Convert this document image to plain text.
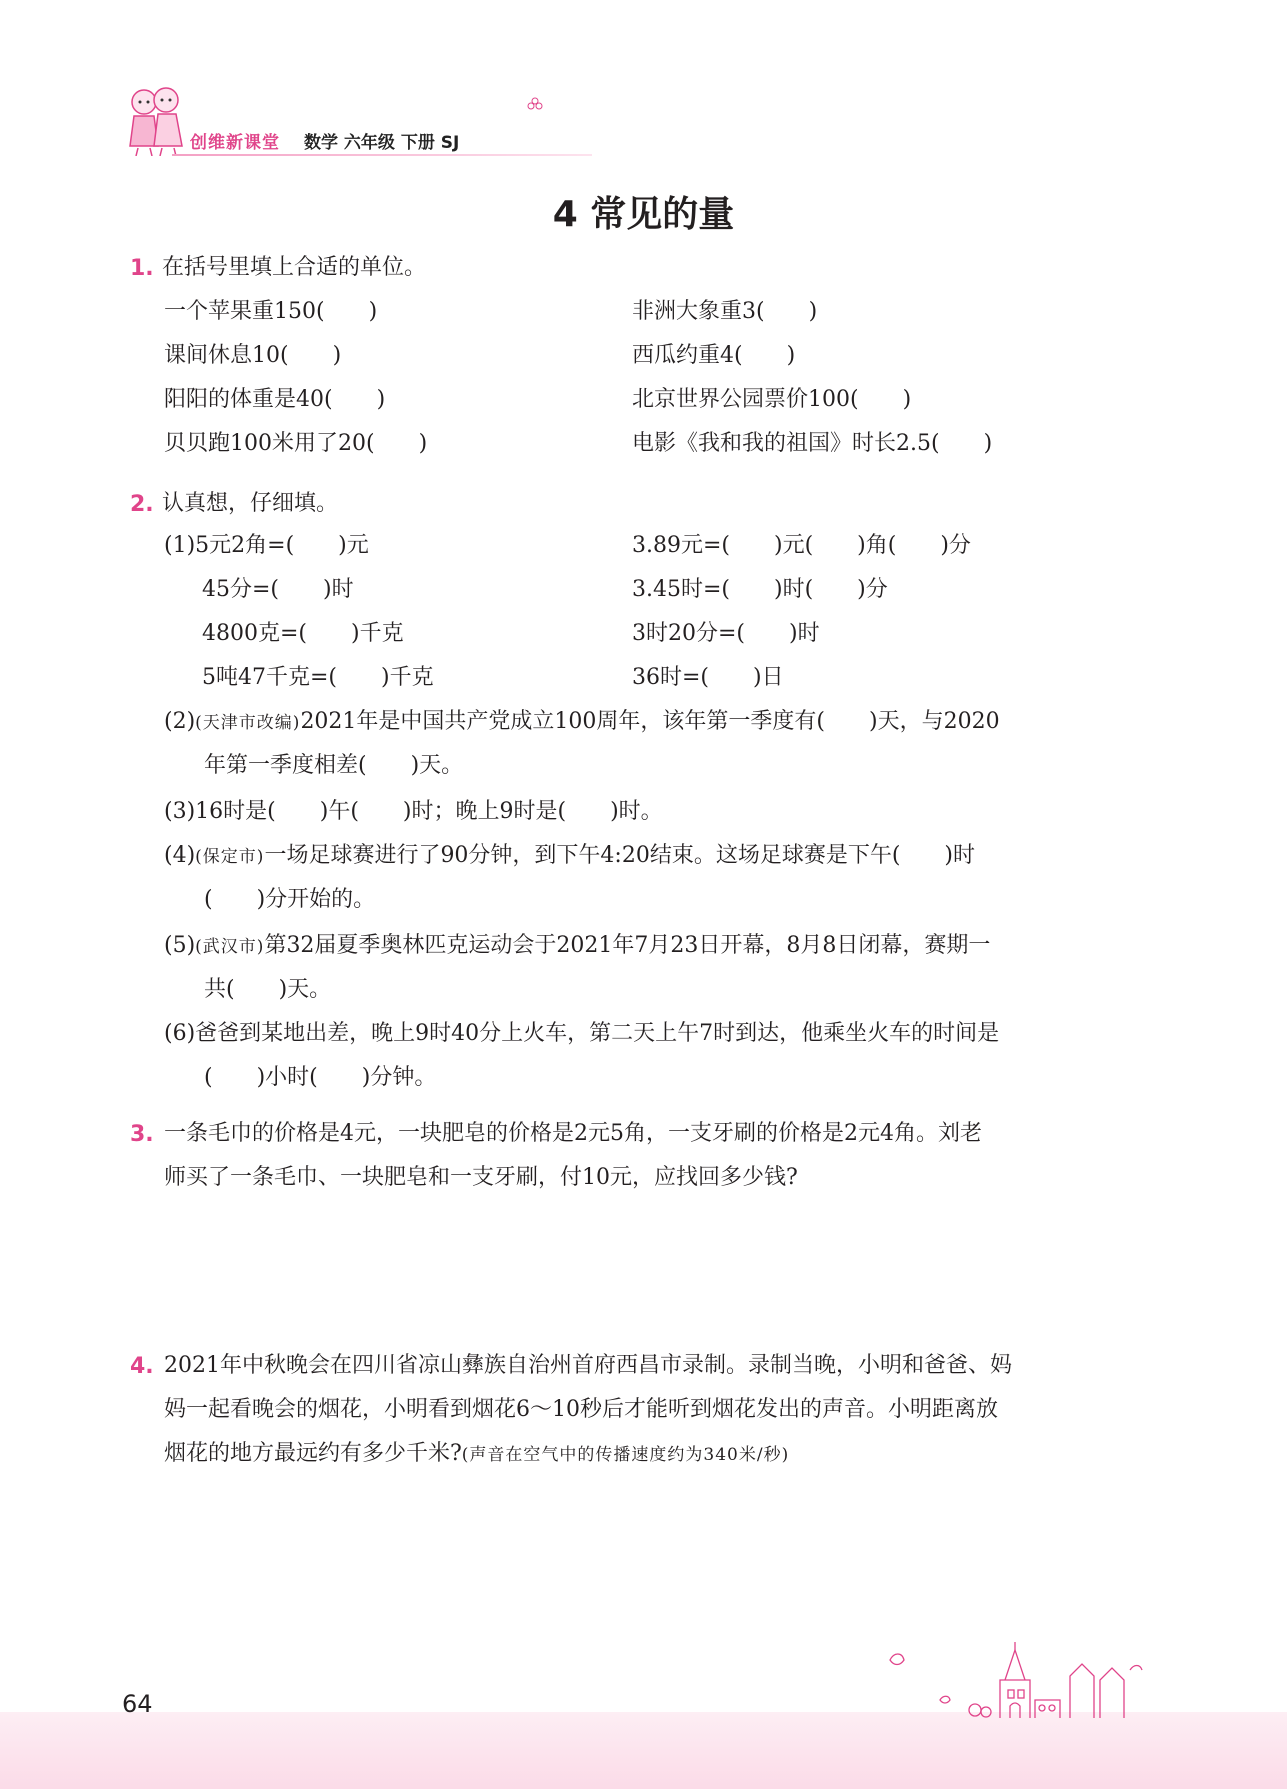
创维新课堂 数学 六年级 下册 SJ
4 常见的量
1. 在括号里填上合适的单位。
一个苹果重150(　　)	非洲大象重3(　　)
课间休息10(　　)	西瓜约重4(　　)
阳阳的体重是40(　　)	北京世界公园票价100(　　)
贝贝跑100米用了20(　　)	电影《我和我的祖国》时长2.5(　　)
2. 认真想，仔细填。
(1)5元2角=(　　)元	3.89元=(　　)元(　　)角(　　)分
45分=(　　)时	3.45时=(　　)时(　　)分
4800克=(　　)千克	3时20分=(　　)时
5吨47千克=(　　)千克	36时=(　　)日
(2)(天津市改编)2021年是中国共产党成立100周年，该年第一季度有(　　)天，与2020
年第一季度相差(　　)天。
(3)16时是(　　)午(　　)时；晚上9时是(　　)时。
(4)(保定市)一场足球赛进行了90分钟，到下午4:20结束。这场足球赛是下午(　　)时
(　　)分开始的。
(5)(武汉市)第32届夏季奥林匹克运动会于2021年7月23日开幕，8月8日闭幕，赛期一
共(　　)天。
(6)爸爸到某地出差，晚上9时40分上火车，第二天上午7时到达，他乘坐火车的时间是
(　　)小时(　　)分钟。
3. 一条毛巾的价格是4元，一块肥皂的价格是2元5角，一支牙刷的价格是2元4角。刘老
师买了一条毛巾、一块肥皂和一支牙刷，付10元，应找回多少钱?
4. 2021年中秋晚会在四川省凉山彝族自治州首府西昌市录制。录制当晚，小明和爸爸、妈
妈一起看晚会的烟花，小明看到烟花6～10秒后才能听到烟花发出的声音。小明距离放
烟花的地方最远约有多少千米?(声音在空气中的传播速度约为340米/秒)
64
